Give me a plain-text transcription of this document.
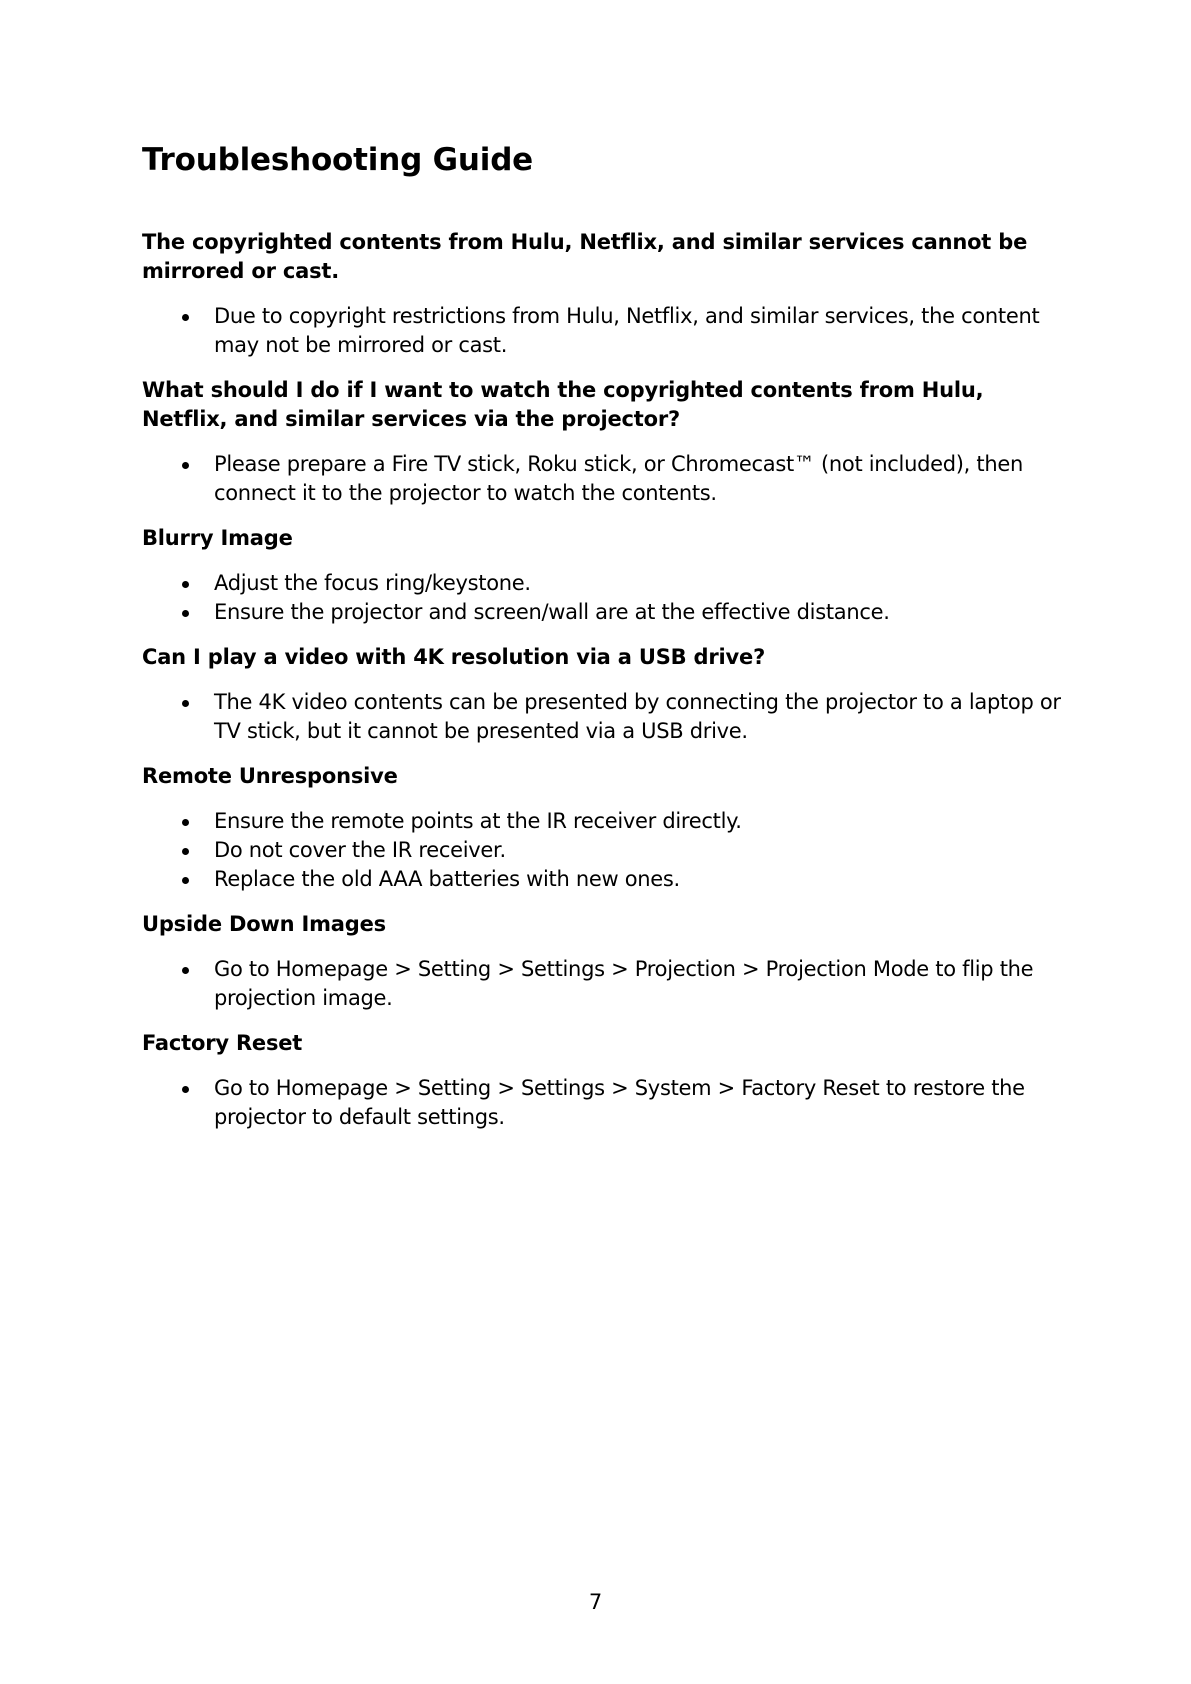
Troubleshooting Guide
The copyrighted contents from Hulu, Netflix, and similar services cannot be mirrored or cast.
Due to copyright restrictions from Hulu, Netflix, and similar services, the content may not be mirrored or cast.
What should I do if I want to watch the copyrighted contents from Hulu, Netflix, and similar services via the projector?
Please prepare a Fire TV stick, Roku stick, or Chromecast™ (not included), then connect it to the projector to watch the contents.
Blurry Image
Adjust the focus ring/keystone.
Ensure the projector and screen/wall are at the effective distance.
Can I play a video with 4K resolution via a USB drive?
The 4K video contents can be presented by connecting the projector to a laptop or TV stick, but it cannot be presented via a USB drive.
Remote Unresponsive
Ensure the remote points at the IR receiver directly.
Do not cover the IR receiver.
Replace the old AAA batteries with new ones.
Upside Down Images
Go to Homepage > Setting > Settings > Projection > Projection Mode to flip the projection image.
Factory Reset
Go to Homepage > Setting > Settings > System > Factory Reset to restore the projector to default settings.
7
